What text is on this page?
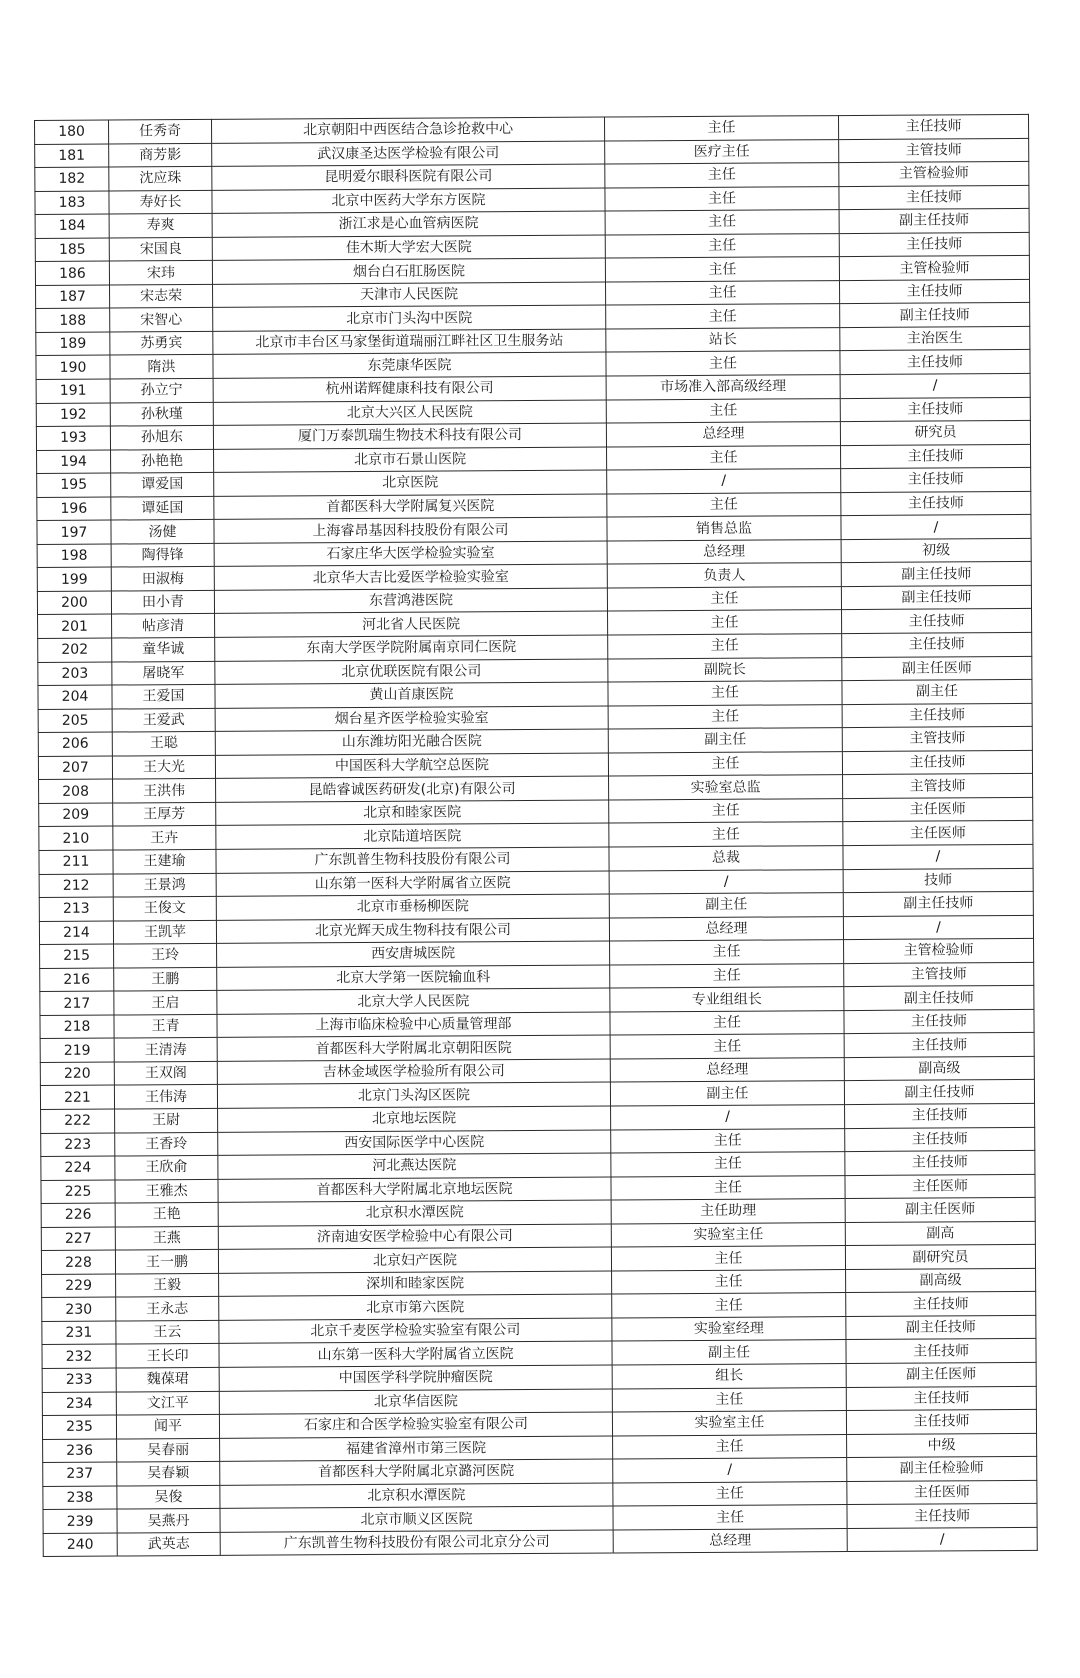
180	任秀奇	北京朝阳中西医结合急诊抢救中心	主任	主任技师
181	商芳影	武汉康圣达医学检验有限公司	医疗主任	主管技师
182	沈应珠	昆明爱尔眼科医院有限公司	主任	主管检验师
183	寿好长	北京中医药大学东方医院	主任	主任技师
184	寿爽	浙江求是心血管病医院	主任	副主任技师
185	宋国良	佳木斯大学宏大医院	主任	主任技师
186	宋玮	烟台白石肛肠医院	主任	主管检验师
187	宋志荣	天津市人民医院	主任	主任技师
188	宋智心	北京市门头沟中医院	主任	副主任技师
189	苏勇宾	北京市丰台区马家堡街道瑞丽江畔社区卫生服务站	站长	主治医生
190	隋洪	东莞康华医院	主任	主任技师
191	孙立宁	杭州诺辉健康科技有限公司	市场准入部高级经理	/
192	孙秋瑾	北京大兴区人民医院	主任	主任技师
193	孙旭东	厦门万泰凯瑞生物技术科技有限公司	总经理	研究员
194	孙艳艳	北京市石景山医院	主任	主任技师
195	谭爱国	北京医院	/	主任技师
196	谭延国	首都医科大学附属复兴医院	主任	主任技师
197	汤健	上海睿昂基因科技股份有限公司	销售总监	/
198	陶得锋	石家庄华大医学检验实验室	总经理	初级
199	田淑梅	北京华大吉比爱医学检验实验室	负责人	副主任技师
200	田小青	东营鸿港医院	主任	副主任技师
201	帖彦清	河北省人民医院	主任	主任技师
202	童华诚	东南大学医学院附属南京同仁医院	主任	主任技师
203	屠晓军	北京优联医院有限公司	副院长	副主任医师
204	王爱国	黄山首康医院	主任	副主任
205	王爱武	烟台星齐医学检验实验室	主任	主任技师
206	王聪	山东潍坊阳光融合医院	副主任	主管技师
207	王大光	中国医科大学航空总医院	主任	主任技师
208	王洪伟	昆皓睿诚医药研发(北京)有限公司	实验室总监	主管技师
209	王厚芳	北京和睦家医院	主任	主任医师
210	王卉	北京陆道培医院	主任	主任医师
211	王建瑜	广东凯普生物科技股份有限公司	总裁	/
212	王景鸿	山东第一医科大学附属省立医院	/	技师
213	王俊文	北京市垂杨柳医院	副主任	副主任技师
214	王凯苹	北京光辉天成生物科技有限公司	总经理	/
215	王玲	西安唐城医院	主任	主管检验师
216	王鹏	北京大学第一医院输血科	主任	主管技师
217	王启	北京大学人民医院	专业组组长	副主任技师
218	王青	上海市临床检验中心质量管理部	主任	主任技师
219	王清涛	首都医科大学附属北京朝阳医院	主任	主任技师
220	王双阁	吉林金域医学检验所有限公司	总经理	副高级
221	王伟涛	北京门头沟区医院	副主任	副主任技师
222	王尉	北京地坛医院	/	主任技师
223	王香玲	西安国际医学中心医院	主任	主任技师
224	王欣俞	河北燕达医院	主任	主任技师
225	王雅杰	首都医科大学附属北京地坛医院	主任	主任医师
226	王艳	北京积水潭医院	主任助理	副主任医师
227	王燕	济南迪安医学检验中心有限公司	实验室主任	副高
228	王一鹏	北京妇产医院	主任	副研究员
229	王毅	深圳和睦家医院	主任	副高级
230	王永志	北京市第六医院	主任	主任技师
231	王云	北京千麦医学检验实验室有限公司	实验室经理	副主任技师
232	王长印	山东第一医科大学附属省立医院	副主任	主任技师
233	魏葆珺	中国医学科学院肿瘤医院	组长	副主任医师
234	文江平	北京华信医院	主任	主任技师
235	闻平	石家庄和合医学检验实验室有限公司	实验室主任	主任技师
236	吴春丽	福建省漳州市第三医院	主任	中级
237	吴春颖	首都医科大学附属北京潞河医院	/	副主任检验师
238	吴俊	北京积水潭医院	主任	主任医师
239	吴燕丹	北京市顺义区医院	主任	主任技师
240	武英志	广东凯普生物科技股份有限公司北京分公司	总经理	/
